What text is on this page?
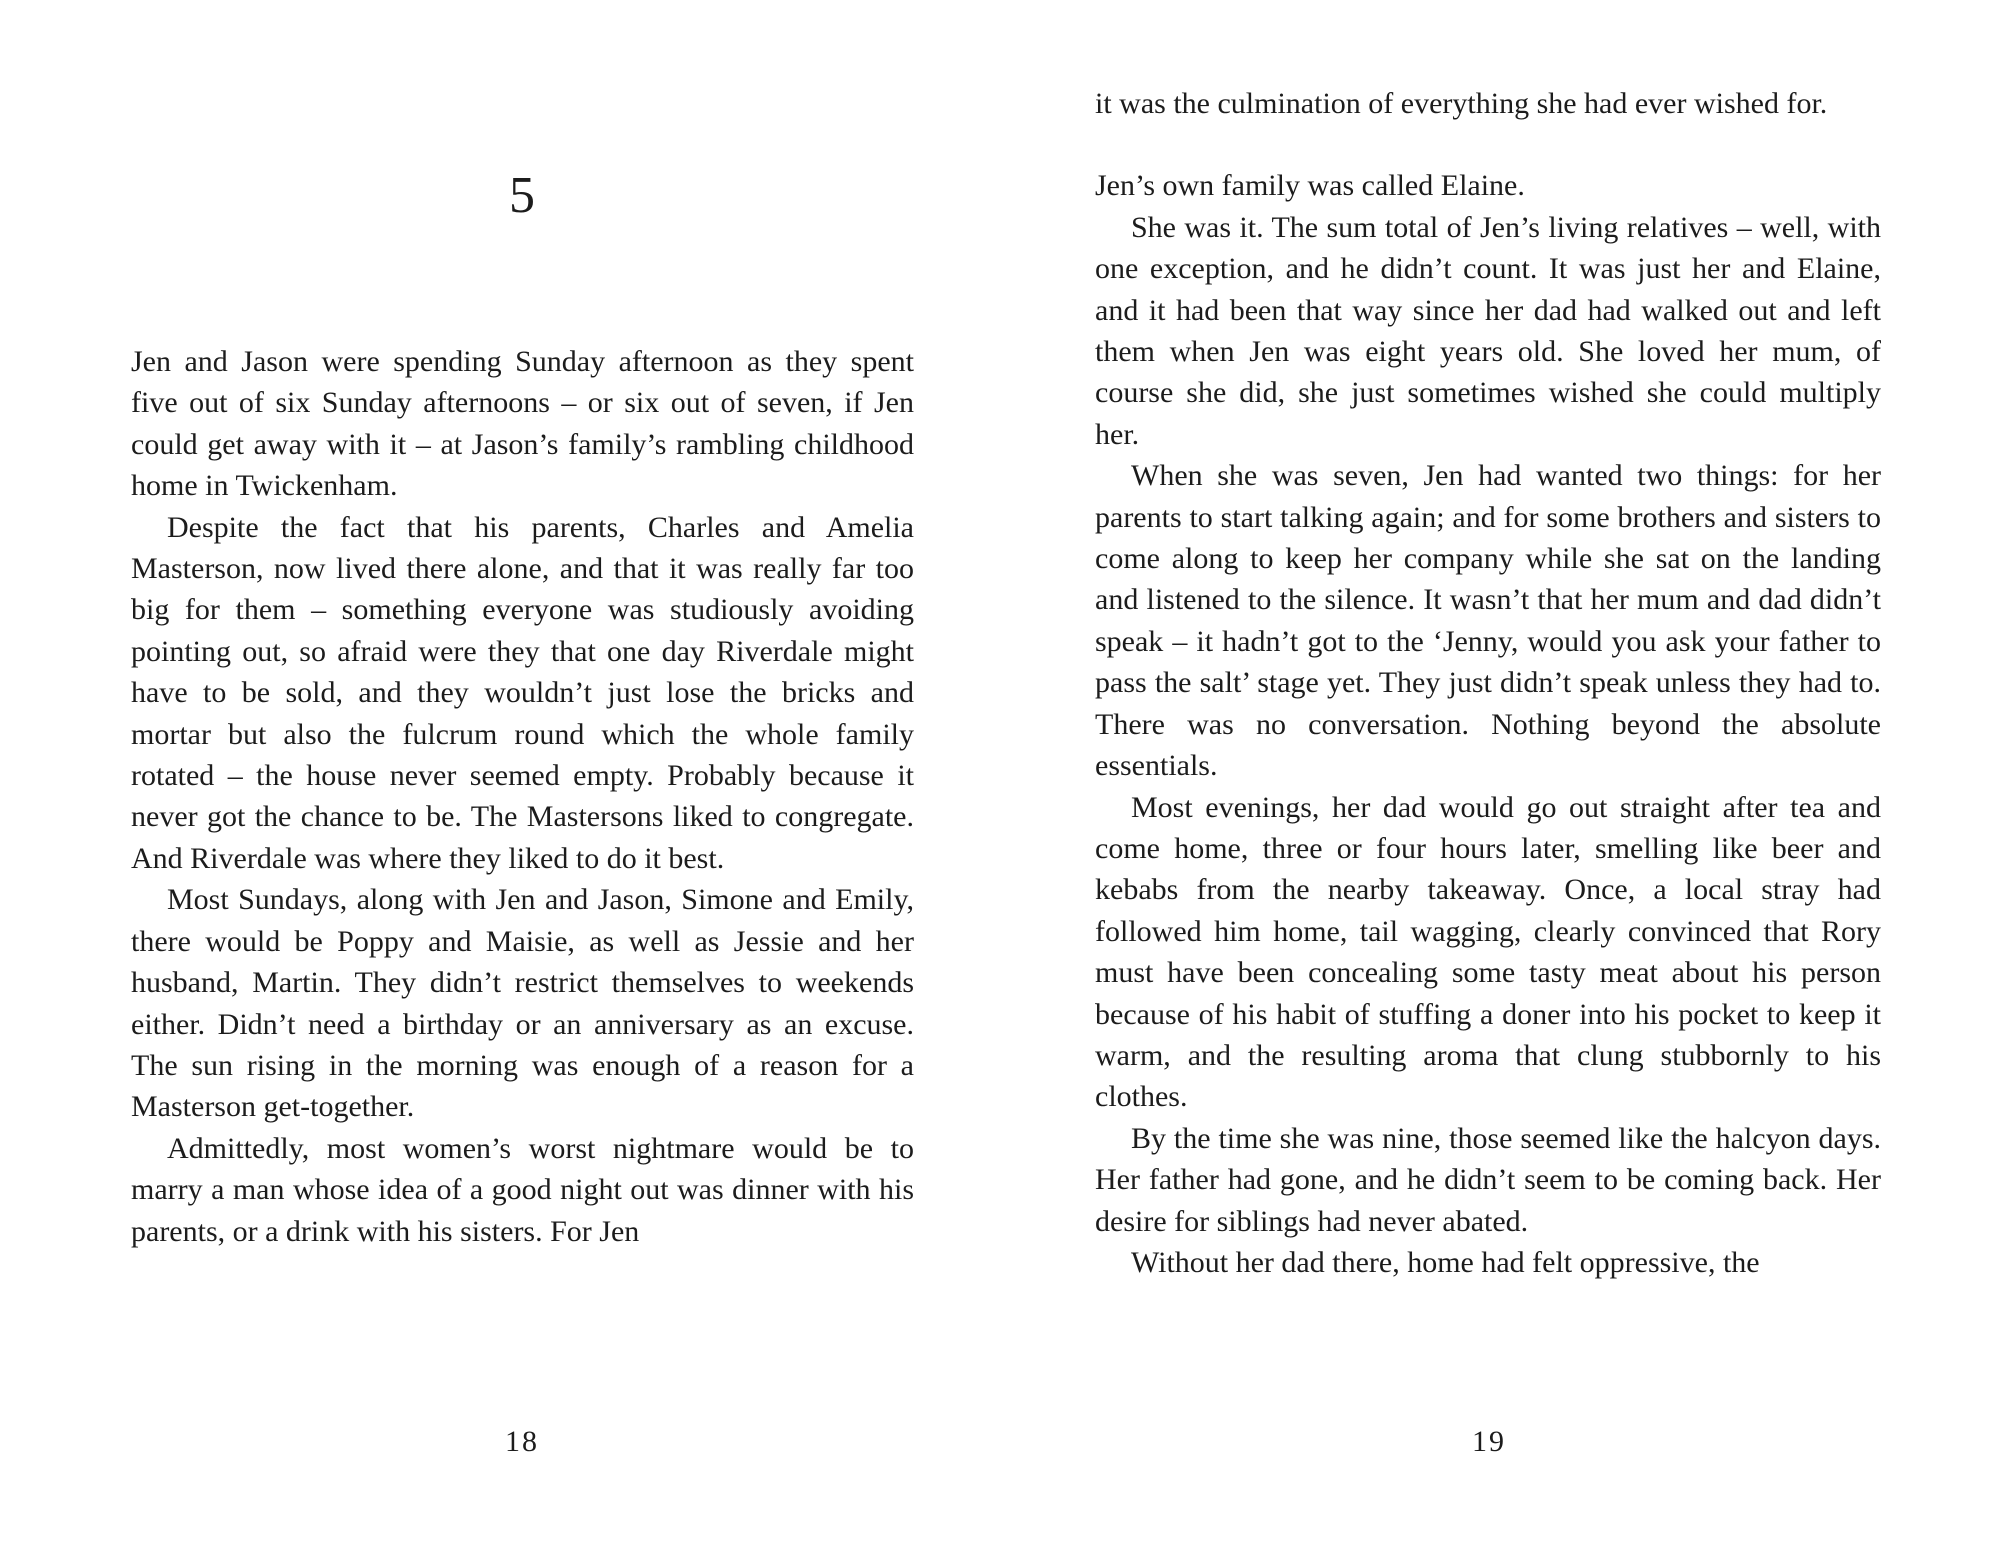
5

Jen and Jason were spending Sunday afternoon as they spent five out of six Sunday afternoons – or six out of seven, if Jen could get away with it – at Jason’s family’s rambling childhood home in Twickenham.

Despite the fact that his parents, Charles and Amelia Masterson, now lived there alone, and that it was really far too big for them – something everyone was studiously avoiding pointing out, so afraid were they that one day Riverdale might have to be sold, and they wouldn’t just lose the bricks and mortar but also the fulcrum round which the whole family rotated – the house never seemed empty. Probably because it never got the chance to be. The Mastersons liked to congregate. And Riverdale was where they liked to do it best.

Most Sundays, along with Jen and Jason, Simone and Emily, there would be Poppy and Maisie, as well as Jessie and her husband, Martin. They didn’t restrict themselves to weekends either. Didn’t need a birthday or an anniversary as an excuse. The sun rising in the morning was enough of a reason for a Masterson get-together.

Admittedly, most women’s worst nightmare would be to marry a man whose idea of a good night out was dinner with his parents, or a drink with his sisters. For Jen

18

it was the culmination of everything she had ever wished for.

Jen’s own family was called Elaine.

She was it. The sum total of Jen’s living relatives – well, with one exception, and he didn’t count. It was just her and Elaine, and it had been that way since her dad had walked out and left them when Jen was eight years old. She loved her mum, of course she did, she just sometimes wished she could multiply her.

When she was seven, Jen had wanted two things: for her parents to start talking again; and for some brothers and sisters to come along to keep her company while she sat on the landing and listened to the silence. It wasn’t that her mum and dad didn’t speak – it hadn’t got to the ‘Jenny, would you ask your father to pass the salt’ stage yet. They just didn’t speak unless they had to. There was no conversation. Nothing beyond the absolute essentials.

Most evenings, her dad would go out straight after tea and come home, three or four hours later, smelling like beer and kebabs from the nearby takeaway. Once, a local stray had followed him home, tail wagging, clearly convinced that Rory must have been concealing some tasty meat about his person because of his habit of stuffing a doner into his pocket to keep it warm, and the resulting aroma that clung stubbornly to his clothes.

By the time she was nine, those seemed like the halcyon days. Her father had gone, and he didn’t seem to be coming back. Her desire for siblings had never abated.

Without her dad there, home had felt oppressive, the

19
